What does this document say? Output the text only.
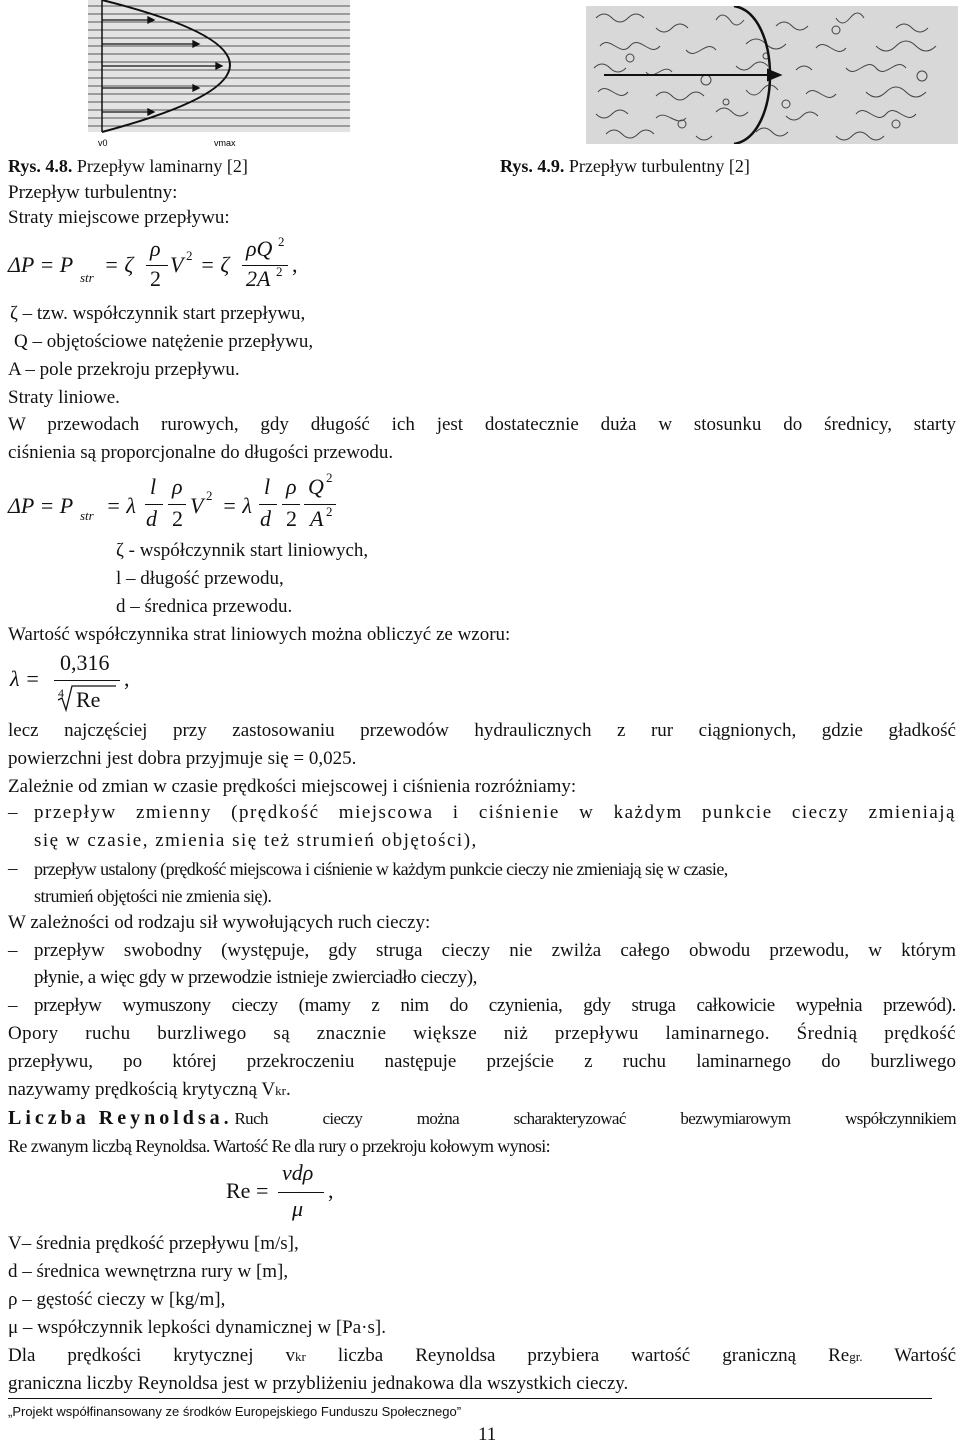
v0	vmax
Rys. 4.8. Przepływ laminarny [2]	Rys. 4.9. Przepływ turbulentny [2]
Przepływ turbulentny:
Straty miejscowe przepływu:
ΔP = P
str
= ζ
ρ
2
V 2 = ζ
ρQ 2
2A 2 ,
ζ – tzw. współczynnik start przepływu,
Q – objętościowe natężenie przepływu,
A – pole przekroju przepływu.
Straty liniowe.
W przewodach rurowych, gdy długość ich jest dostatecznie duża w stosunku do średnicy, starty
ciśnienia są proporcjonalne do długości przewodu.
ΔP = P str = λ
l
d
ρ
2
V 2 = λ
l
d
ρ
2
Q 2
A 2
ζ - współczynnik start liniowych,
l – długość przewodu,
d – średnica przewodu.
Wartość współczynnika strat liniowych można obliczyć ze wzoru:
λ =
0,316
4 Re
,
lecz najczęściej przy zastosowaniu przewodów hydraulicznych z rur ciągnionych, gdzie gładkość
powierzchni jest dobra przyjmuje się = 0,025.
Zależnie od zmian w czasie prędkości miejscowej i ciśnienia rozróżniamy:
– przepływ zmienny (prędkość miejscowa i ciśnienie w każdym punkcie cieczy zmieniają
się w czasie, zmienia się też strumień objętości),
– przepływ ustalony (prędkość miejscowa i ciśnienie w każdym punkcie cieczy nie zmieniają się w czasie,
strumień objętości nie zmienia się).
W zależności od rodzaju sił wywołujących ruch cieczy:
– przepływ swobodny (występuje, gdy struga cieczy nie zwilża całego obwodu przewodu, w którym
płynie, a więc gdy w przewodzie istnieje zwierciadło cieczy),
– przepływ wymuszony cieczy (mamy z nim do czynienia, gdy struga całkowicie wypełnia przewód).
Opory ruchu burzliwego są znacznie większe niż przepływu laminarnego. Średnią prędkość
przepływu, po której przekroczeniu następuje przejście z ruchu laminarnego do burzliwego
nazywamy prędkością krytyczną Vkr.
Liczba Reynoldsa . Ruch cieczy można scharakteryzować bezwymiarowym współczynnikiem
Re zwanym liczbą Reynoldsa. Wartość Re dla rury o przekroju kołowym wynosi:
Re =
vdρ
μ
,
V– średnia prędkość przepływu [m/s],
d – średnica wewnętrzna rury w [m],
ρ – gęstość cieczy w [kg/m],
μ – współczynnik lepkości dynamicznej w [Pa·s].
Dla prędkości krytycznej vkr liczba Reynoldsa przybiera wartość graniczną Regr. Wartość
graniczna liczby Reynoldsa jest w przybliżeniu jednakowa dla wszystkich cieczy.
„Projekt współfinansowany ze środków Europejskiego Funduszu Społecznego”
11
